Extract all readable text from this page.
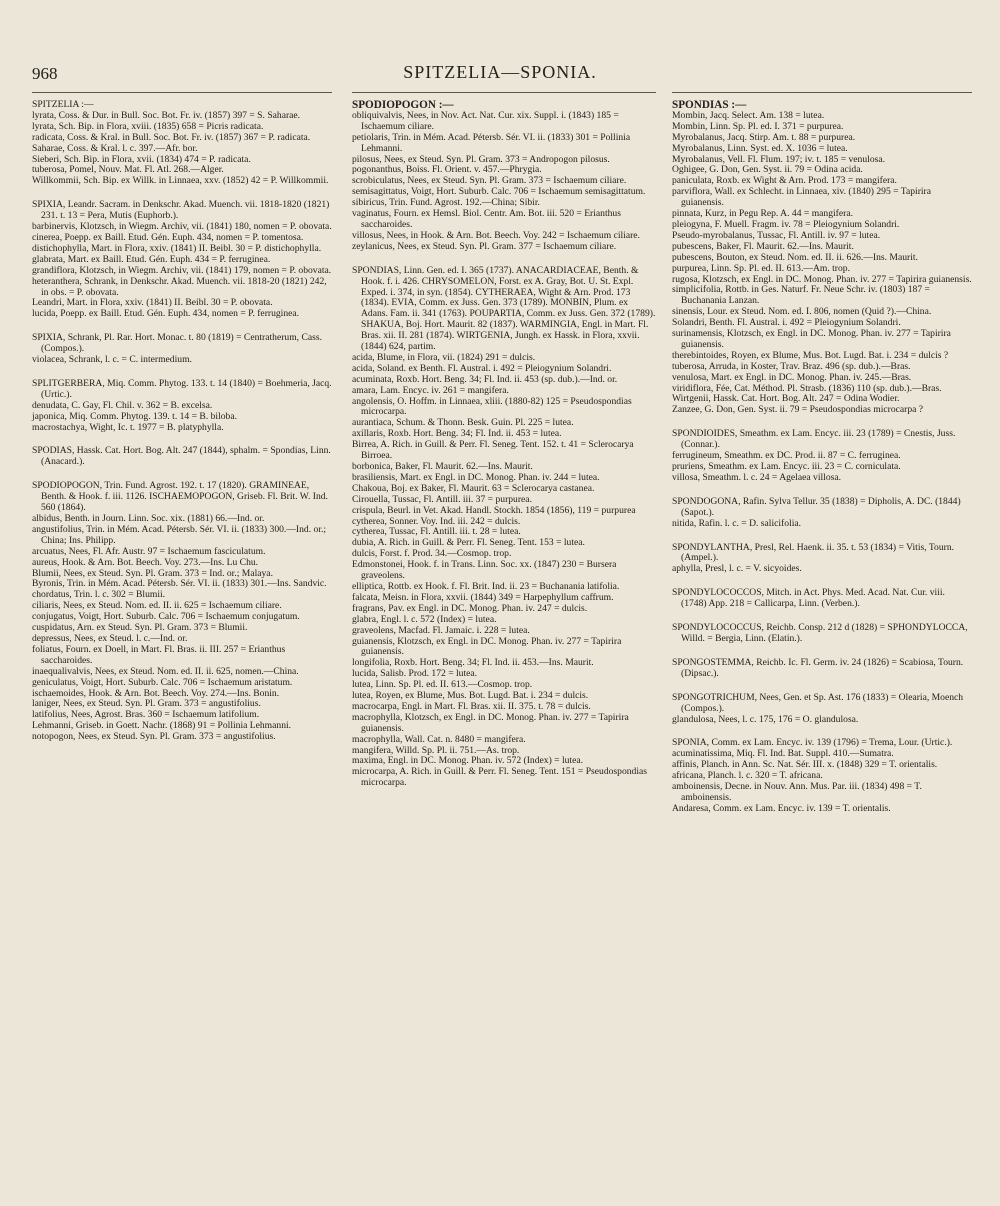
968	SPITZELIA—SPONIA.

SPITZELIA :—

lyrata, Coss. & Dur. in Bull. Soc. Bot. Fr. iv. (1857) 397 = S. Saharae.

lyrata, Sch. Bip. in Flora, xviii. (1835) 658 = Picris radicata.

radicata, Coss. & Kral. in Bull. Soc. Bot. Fr. iv. (1857) 367 = P. radicata.

Saharae, Coss. & Kral. l. c. 397.—Afr. bor.

Sieberi, Sch. Bip. in Flora, xvii. (1834) 474 = P. radicata.

tuberosa, Pomel, Nouv. Mat. Fl. Atl. 268.—Alger.

Willkommii, Sch. Bip. ex Willk. in Linnaea, xxv. (1852) 42 = P. Willkommii.

SPIXIA, Leandr. Sacram. in Denkschr. Akad. Muench. vii. 1818-1820 (1821) 231. t. 13 = Pera, Mutis (Euphorb.).

barbinervis, Klotzsch, in Wiegm. Archiv, vii. (1841) 180, nomen = P. obovata.

cinerea, Poepp. ex Baill. Etud. Gén. Euph. 434, nomen = P. tomentosa.

distichophylla, Mart. in Flora, xxiv. (1841) II. Beibl. 30 = P. distichophylla.

glabrata, Mart. ex Baill. Etud. Gén. Euph. 434 = P. ferruginea.

grandiflora, Klotzsch, in Wiegm. Archiv, vii. (1841) 179, nomen = P. obovata.

heteranthera, Schrank, in Denkschr. Akad. Muench. vii. 1818-20 (1821) 242, in obs. = P. obovata.

Leandri, Mart. in Flora, xxiv. (1841) II. Beibl. 30 = P. obovata.

lucida, Poepp. ex Baill. Etud. Gén. Euph. 434, nomen = P. ferruginea.

SPIXIA, Schrank, Pl. Rar. Hort. Monac. t. 80 (1819) = Centratherum, Cass. (Compos.).

violacea, Schrank, l. c. = C. intermedium.

SPLITGERBERA, Miq. Comm. Phytog. 133. t. 14 (1840) = Boehmeria, Jacq. (Urtic.).

denudata, C. Gay, Fl. Chil. v. 362 = B. excelsa.

japonica, Miq. Comm. Phytog. 139. t. 14 = B. biloba.

macrostachya, Wight, Ic. t. 1977 = B. platyphylla.

SPODIAS, Hassk. Cat. Hort. Bog. Alt. 247 (1844), sphalm. = Spondias, Linn. (Anacard.).

SPODIOPOGON, Trin. Fund. Agrost. 192. t. 17 (1820). GRAMINEAE, Benth. & Hook. f. iii. 1126. ISCHAEMOPOGON, Griseb. Fl. Brit. W. Ind. 560 (1864).

albidus, Benth. in Journ. Linn. Soc. xix. (1881) 66.—Ind. or.

angustifolius, Trin. in Mém. Acad. Pétersb. Sér. VI. ii. (1833) 300.—Ind. or.; China; Ins. Philipp.

arcuatus, Nees, Fl. Afr. Austr. 97 = Ischaemum fasciculatum.

aureus, Hook. & Arn. Bot. Beech. Voy. 273.—Ins. Lu Chu.

Blumii, Nees, ex Steud. Syn. Pl. Gram. 373 = Ind. or.; Malaya.

Byronis, Trin. in Mém. Acad. Pétersb. Sér. VI. ii. (1833) 301.—Ins. Sandvic.

chordatus, Trin. l. c. 302 = Blumii.

ciliaris, Nees, ex Steud. Nom. ed. II. ii. 625 = Ischaemum ciliare.

conjugatus, Voigt, Hort. Suburb. Calc. 706 = Ischaemum conjugatum.

cuspidatus, Arn. ex Steud. Syn. Pl. Gram. 373 = Blumii.

depressus, Nees, ex Steud. l. c.—Ind. or.

foliatus, Fourn. ex Doell, in Mart. Fl. Bras. ii. III. 257 = Erianthus saccharoides.

inaequalivalvis, Nees, ex Steud. Nom. ed. II. ii. 625, nomen.—China.

geniculatus, Voigt, Hort. Suburb. Calc. 706 = Ischaemum aristatum.

ischaemoides, Hook. & Arn. Bot. Beech. Voy. 274.—Ins. Bonin.

laniger, Nees, ex Steud. Syn. Pl. Gram. 373 = angustifolius.

latifolius, Nees, Agrost. Bras. 360 = Ischaemum latifolium.

Lehmanni, Griseb. in Goett. Nachr. (1868) 91 = Pollinia Lehmanni.

notopogon, Nees, ex Steud. Syn. Pl. Gram. 373 = angustifolius.

SPODIOPOGON :—

obliquivalvis, Nees, in Nov. Act. Nat. Cur. xix. Suppl. i. (1843) 185 = Ischaemum ciliare.

petiolaris, Trin. in Mém. Acad. Pétersb. Sér. VI. ii. (1833) 301 = Pollinia Lehmanni.

pilosus, Nees, ex Steud. Syn. Pl. Gram. 373 = Andropogon pilosus.

pogonanthus, Boiss. Fl. Orient. v. 457.—Phrygia.

scrobiculatus, Nees, ex Steud. Syn. Pl. Gram. 373 = Ischaemum ciliare.

semisagittatus, Voigt, Hort. Suburb. Calc. 706 = Ischaemum semisagittatum.

sibiricus, Trin. Fund. Agrost. 192.—China; Sibir.

vaginatus, Fourn. ex Hemsl. Biol. Centr. Am. Bot. iii. 520 = Erianthus saccharoides.

villosus, Nees, in Hook. & Arn. Bot. Beech. Voy. 242 = Ischaemum ciliare.

zeylanicus, Nees, ex Steud. Syn. Pl. Gram. 377 = Ischaemum ciliare.

SPONDIAS, Linn. Gen. ed. I. 365 (1737). ANACARDIACEAE, Benth. & Hook. f. i. 426. CHRYSOMELON, Forst. ex A. Gray, Bot. U. St. Expl. Exped. i. 374, in syn. (1854). CYTHERAEA, Wight & Arn. Prod. 173 (1834). EVIA, Comm. ex Juss. Gen. 373 (1789). MONBIN, Plum. ex Adans. Fam. ii. 341 (1763). POUPARTIA, Comm. ex Juss. Gen. 372 (1789). SHAKUA, Boj. Hort. Maurit. 82 (1837). WARMINGIA, Engl. in Mart. Fl. Bras. xii. II. 281 (1874). WIRTGENIA, Jungh. ex Hassk. in Flora, xxvii. (1844) 624, partim.

acida, Blume, in Flora, vii. (1824) 291 = dulcis.

acida, Soland. ex Benth. Fl. Austral. i. 492 = Pleiogynium Solandri.

acuminata, Roxb. Hort. Beng. 34; Fl. Ind. ii. 453 (sp. dub.).—Ind. or.

amara, Lam. Encyc. iv. 261 = mangifera.

angolensis, O. Hoffm. in Linnaea, xliii. (1880-82) 125 = Pseudospondias microcarpa.

aurantiaca, Schum. & Thonn. Besk. Guin. Pl. 225 = lutea.

axillaris, Roxb. Hort. Beng. 34; Fl. Ind. ii. 453 = lutea.

Birrea, A. Rich. in Guill. & Perr. Fl. Seneg. Tent. 152. t. 41 = Sclerocarya Birroea.

borbonica, Baker, Fl. Maurit. 62.—Ins. Maurit.

brasiliensis, Mart. ex Engl. in DC. Monog. Phan. iv. 244 = lutea.

Chakoua, Boj. ex Baker, Fl. Maurit. 63 = Sclerocarya castanea.

Cirouella, Tussac, Fl. Antill. iii. 37 = purpurea.

crispula, Beurl. in Vet. Akad. Handl. Stockh. 1854 (1856), 119 = purpurea

cytherea, Sonner. Voy. Ind. iii. 242 = dulcis.

cytherea, Tussac, Fl. Antill. iii. t. 28 = lutea.

dubia, A. Rich. in Guill. & Perr. Fl. Seneg. Tent. 153 = lutea.

dulcis, Forst. f. Prod. 34.—Cosmop. trop.

Edmonstonei, Hook. f. in Trans. Linn. Soc. xx. (1847) 230 = Bursera graveolens.

elliptica, Rottb. ex Hook. f. Fl. Brit. Ind. ii. 23 = Buchanania latifolia.

falcata, Meisn. in Flora, xxvii. (1844) 349 = Harpephyllum caffrum.

fragrans, Pav. ex Engl. in DC. Monog. Phan. iv. 247 = dulcis.

glabra, Engl. l. c. 572 (Index) = lutea.

graveolens, Macfad. Fl. Jamaic. i. 228 = lutea.

guianensis, Klotzsch, ex Engl. in DC. Monog. Phan. iv. 277 = Tapirira guianensis.

longifolia, Roxb. Hort. Beng. 34; Fl. Ind. ii. 453.—Ins. Maurit.

lucida, Salisb. Prod. 172 = lutea.

lutea, Linn. Sp. Pl. ed. II. 613.—Cosmop. trop.

lutea, Royen, ex Blume, Mus. Bot. Lugd. Bat. i. 234 = dulcis.

macrocarpa, Engl. in Mart. Fl. Bras. xii. II. 375. t. 78 = dulcis.

macrophylla, Klotzsch, ex Engl. in DC. Monog. Phan. iv. 277 = Tapirira guianensis.

macrophylla, Wall. Cat. n. 8480 = mangifera.

mangifera, Willd. Sp. Pl. ii. 751.—As. trop.

maxima, Engl. in DC. Monog. Phan. iv. 572 (Index) = lutea.

microcarpa, A. Rich. in Guill. & Perr. Fl. Seneg. Tent. 151 = Pseudospondias microcarpa.

SPONDIAS :—

Mombin, Jacq. Select. Am. 138 = lutea.

Mombin, Linn. Sp. Pl. ed. I. 371 = purpurea.

Myrobalanus, Jacq. Stirp. Am. t. 88 = purpurea.

Myrobalanus, Linn. Syst. ed. X. 1036 = lutea.

Myrobalanus, Vell. Fl. Flum. 197; iv. t. 185 = venulosa.

Oghigee, G. Don, Gen. Syst. ii. 79 = Odina acida.

paniculata, Roxb. ex Wight & Arn. Prod. 173 = mangifera.

parviflora, Wall. ex Schlecht. in Linnaea, xiv. (1840) 295 = Tapirira guianensis.

pinnata, Kurz, in Pegu Rep. A. 44 = mangifera.

pleiogyna, F. Muell. Fragm. iv. 78 = Pleiogynium Solandri.

Pseudo-myrobalanus, Tussac, Fl. Antill. iv. 97 = lutea.

pubescens, Baker, Fl. Maurit. 62.—Ins. Maurit.

pubescens, Bouton, ex Steud. Nom. ed. II. ii. 626.—Ins. Maurit.

purpurea, Linn. Sp. Pl. ed. II. 613.—Am. trop.

rugosa, Klotzsch, ex Engl. in DC. Monog. Phan. iv. 277 = Tapirira guianensis.

simplicifolia, Rottb. in Ges. Naturf. Fr. Neue Schr. iv. (1803) 187 = Buchanania Lanzan.

sinensis, Lour. ex Steud. Nom. ed. I. 806, nomen (Quid ?).—China.

Solandri, Benth. Fl. Austral. i. 492 = Pleiogynium Solandri.

surinamensis, Klotzsch, ex Engl. in DC. Monog. Phan. iv. 277 = Tapirira guianensis.

therebintoides, Royen, ex Blume, Mus. Bot. Lugd. Bat. i. 234 = dulcis ?

tuberosa, Arruda, in Koster, Trav. Braz. 496 (sp. dub.).—Bras.

venulosa, Mart. ex Engl. in DC. Monog. Phan. iv. 245.—Bras.

viridiflora, Fée, Cat. Méthod. Pl. Strasb. (1836) 110 (sp. dub.).—Bras.

Wirtgenii, Hassk. Cat. Hort. Bog. Alt. 247 = Odina Wodier.

Zanzee, G. Don, Gen. Syst. ii. 79 = Pseudospondias microcarpa ?

SPONDIOIDES, Smeathm. ex Lam. Encyc. iii. 23 (1789) = Cnestis, Juss. (Connar.).

ferrugineum, Smeathm. ex DC. Prod. ii. 87 = C. ferruginea.

pruriens, Smeathm. ex Lam. Encyc. iii. 23 = C. corniculata.

villosa, Smeathm. l. c. 24 = Agelaea villosa.

SPONDOGONA, Rafin. Sylva Tellur. 35 (1838) = Dipholis, A. DC. (1844) (Sapot.).

nitida, Rafin. l. c. = D. salicifolia.

SPONDYLANTHA, Presl, Rel. Haenk. ii. 35. t. 53 (1834) = Vitis, Tourn. (Ampel.).

aphylla, Presl, l. c. = V. sicyoides.

SPONDYLOCOCCOS, Mitch. in Act. Phys. Med. Acad. Nat. Cur. viii. (1748) App. 218 = Callicarpa, Linn. (Verben.).

SPONDYLOCOCCUS, Reichb. Consp. 212 d (1828) = SPHONDYLOCCA, Willd. = Bergia, Linn. (Elatin.).

SPONGOSTEMMA, Reichb. Ic. Fl. Germ. iv. 24 (1826) = Scabiosa, Tourn. (Dipsac.).

SPONGOTRICHUM, Nees, Gen. et Sp. Ast. 176 (1833) = Olearia, Moench (Compos.).

glandulosa, Nees, l. c. 175, 176 = O. glandulosa.

SPONIA, Comm. ex Lam. Encyc. iv. 139 (1796) = Trema, Lour. (Urtic.).

acuminatissima, Miq. Fl. Ind. Bat. Suppl. 410.—Sumatra.

affinis, Planch. in Ann. Sc. Nat. Sér. III. x. (1848) 329 = T. orientalis.

africana, Planch. l. c. 320 = T. africana.

amboinensis, Decne. in Nouv. Ann. Mus. Par. iii. (1834) 498 = T. amboinensis.

Andaresa, Comm. ex Lam. Encyc. iv. 139 = T. orientalis.
